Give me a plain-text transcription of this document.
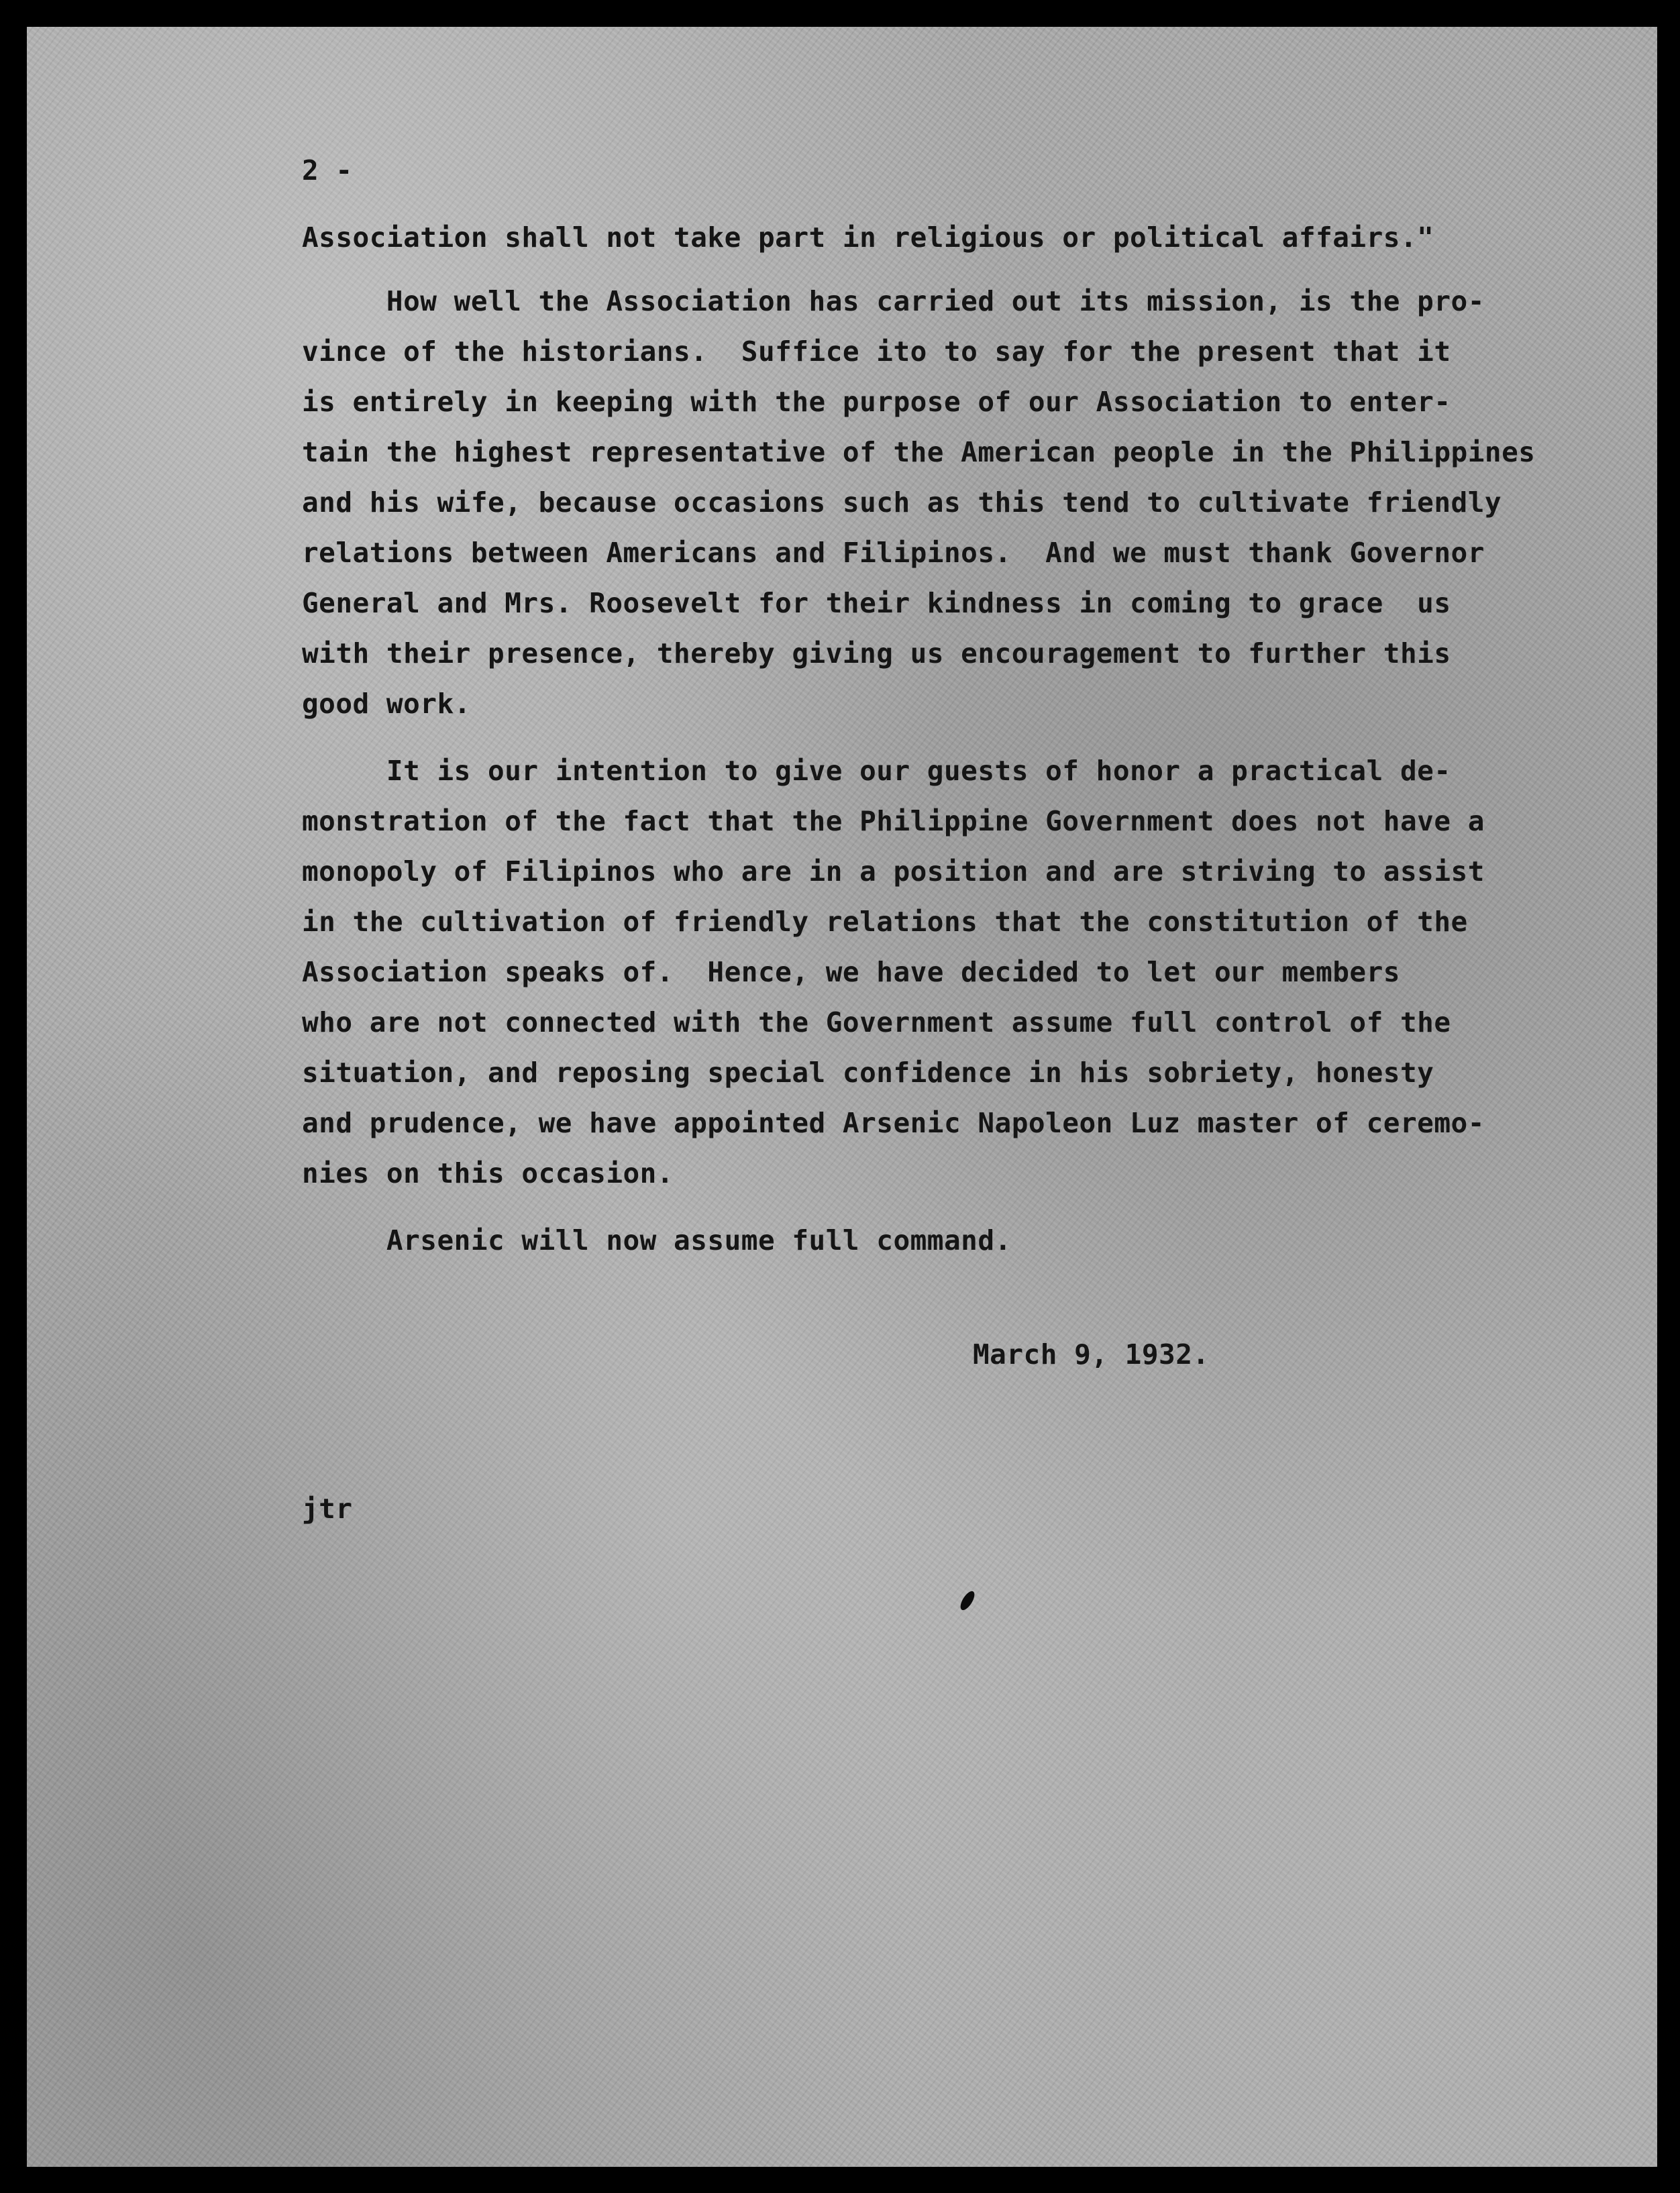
2 -

Association shall not take part in religious or political affairs."

How well the Association has carried out its mission, is the pro-

vince of the historians.  Suffice ito to say for the present that it

is entirely in keeping with the purpose of our Association to enter-

tain the highest representative of the American people in the Philippines

and his wife, because occasions such as this tend to cultivate friendly

relations between Americans and Filipinos.  And we must thank Governor

General and Mrs. Roosevelt for their kindness in coming to grace  us

with their presence, thereby giving us encouragement to further this

good work.

It is our intention to give our guests of honor a practical de-

monstration of the fact that the Philippine Government does not have a

monopoly of Filipinos who are in a position and are striving to assist

in the cultivation of friendly relations that the constitution of the

Association speaks of.  Hence, we have decided to let our members

who are not connected with the Government assume full control of the

situation, and reposing special confidence in his sobriety, honesty

and prudence, we have appointed Arsenic Napoleon Luz master of ceremo-

nies on this occasion.

Arsenic will now assume full command.

March 9, 1932.
jtr
